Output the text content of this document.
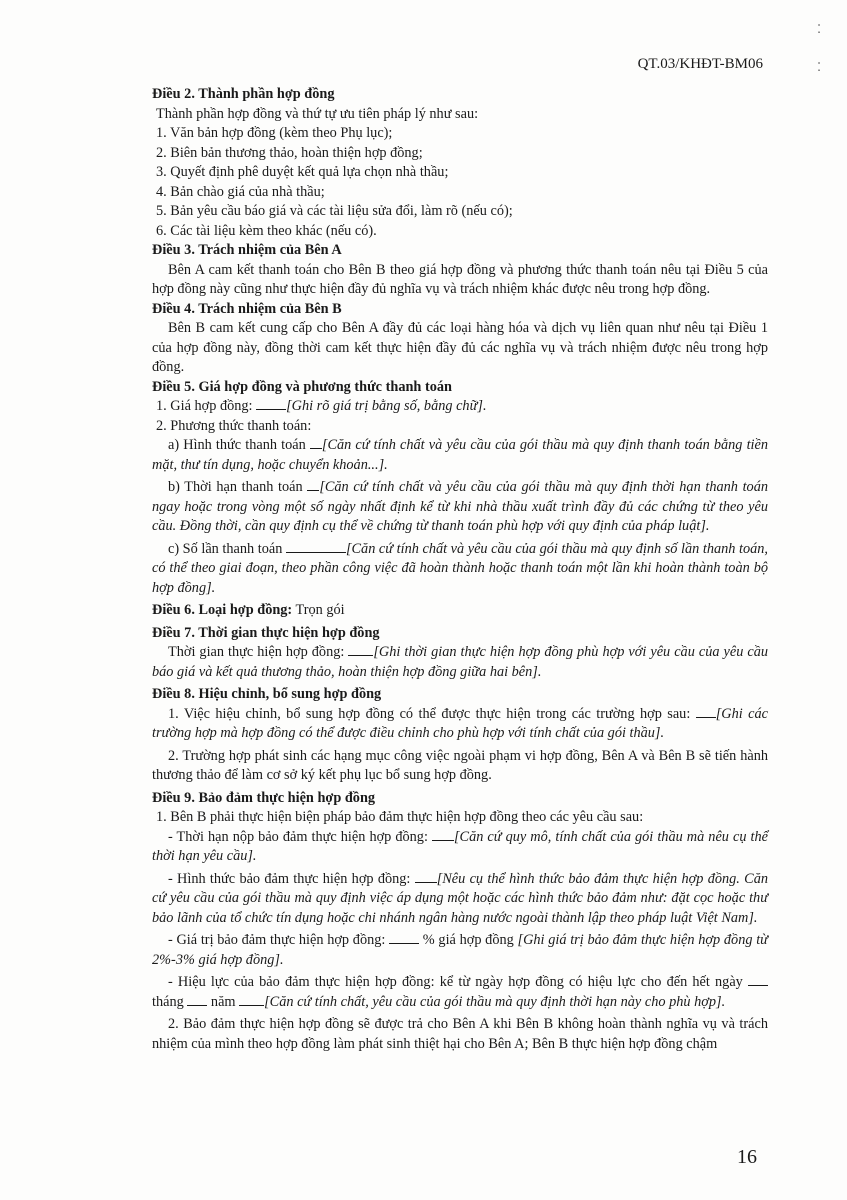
⁚
⁚
QT.03/KHĐT-BM06

Điều 2. Thành phần hợp đồng

Thành phần hợp đồng và thứ tự ưu tiên pháp lý như sau:

1. Văn bản hợp đồng (kèm theo Phụ lục);

2. Biên bản thương thảo, hoàn thiện hợp đồng;

3. Quyết định phê duyệt kết quả lựa chọn nhà thầu;

4. Bản chào giá của nhà thầu;

5. Bản yêu cầu báo giá và các tài liệu sửa đổi, làm rõ (nếu có);

6. Các tài liệu kèm theo khác (nếu có).

Điều 3. Trách nhiệm của Bên A

Bên A cam kết thanh toán cho Bên B theo giá hợp đồng và phương thức thanh toán nêu tại Điều 5 của hợp đồng này cũng như thực hiện đầy đủ nghĩa vụ và trách nhiệm khác được nêu trong hợp đồng.

Điều 4. Trách nhiệm của Bên B

Bên B cam kết cung cấp cho Bên A đầy đủ các loại hàng hóa và dịch vụ liên quan như nêu tại Điều 1 của hợp đồng này, đồng thời cam kết thực hiện đầy đủ các nghĩa vụ và trách nhiệm được nêu trong hợp đồng.

Điều 5. Giá hợp đồng và phương thức thanh toán

1. Giá hợp đồng: [Ghi rõ giá trị bằng số, bằng chữ].

2. Phương thức thanh toán:

a) Hình thức thanh toán [Căn cứ tính chất và yêu cầu của gói thầu mà quy định thanh toán bằng tiền mặt, thư tín dụng, hoặc chuyển khoản...].

b) Thời hạn thanh toán [Căn cứ tính chất và yêu cầu của gói thầu mà quy định thời hạn thanh toán ngay hoặc trong vòng một số ngày nhất định kể từ khi nhà thầu xuất trình đầy đủ các chứng từ theo yêu cầu. Đồng thời, cần quy định cụ thể về chứng từ thanh toán phù hợp với quy định của pháp luật].

c) Số lần thanh toán	[Căn cứ tính chất và yêu cầu của gói thầu mà quy định số lần thanh toán, có thể theo giai đoạn, theo phần công việc đã hoàn thành hoặc thanh toán một lần khi hoàn thành toàn bộ hợp đồng].

Điều 6. Loại hợp đồng: Trọn gói

Điều 7. Thời gian thực hiện hợp đồng

Thời gian thực hiện hợp đồng: [Ghi thời gian thực hiện hợp đồng phù hợp với yêu cầu của yêu cầu báo giá và kết quả thương thảo, hoàn thiện hợp đồng giữa hai bên].

Điều 8. Hiệu chỉnh, bổ sung hợp đồng

1. Việc hiệu chỉnh, bổ sung hợp đồng có thể được thực hiện trong các trường hợp sau: [Ghi các trường hợp mà hợp đồng có thể được điều chỉnh cho phù hợp với tính chất của gói thầu].

2. Trường hợp phát sinh các hạng mục công việc ngoài phạm vi hợp đồng, Bên A và Bên B sẽ tiến hành thương thảo để làm cơ sở ký kết phụ lục bổ sung hợp đồng.

Điều 9. Bảo đảm thực hiện hợp đồng

1. Bên B phải thực hiện biện pháp bảo đảm thực hiện hợp đồng theo các yêu cầu sau:

- Thời hạn nộp bảo đảm thực hiện hợp đồng: [Căn cứ quy mô, tính chất của gói thầu mà nêu cụ thể thời hạn yêu cầu].

- Hình thức bảo đảm thực hiện hợp đồng: [Nêu cụ thể hình thức bảo đảm thực hiện hợp đồng. Căn cứ yêu cầu của gói thầu mà quy định việc áp dụng một hoặc các hình thức bảo đảm như: đặt cọc hoặc thư bảo lãnh của tổ chức tín dụng hoặc chi nhánh ngân hàng nước ngoài thành lập theo pháp luật Việt Nam].

- Giá trị bảo đảm thực hiện hợp đồng:  % giá hợp đồng [Ghi giá trị bảo đảm thực hiện hợp đồng từ 2%-3% giá hợp đồng].

- Hiệu lực của bảo đảm thực hiện hợp đồng: kể từ ngày hợp đồng có hiệu lực cho đến hết ngày  tháng  năm [Căn cứ tính chất, yêu cầu của gói thầu mà quy định thời hạn này cho phù hợp].

2. Bảo đảm thực hiện hợp đồng sẽ được trả cho Bên A khi Bên B không hoàn thành nghĩa vụ và trách nhiệm của mình theo hợp đồng làm phát sinh thiệt hại cho Bên A; Bên B thực hiện hợp đồng chậm

16
